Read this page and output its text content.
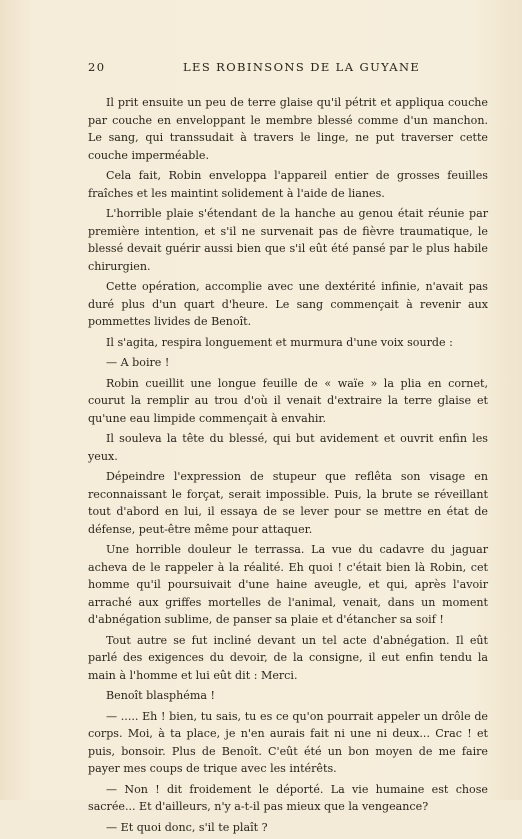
20	LES ROBINSONS DE LA GUYANE

Il prit ensuite un peu de terre glaise qu'il pétrit et appliqua couche par couche en enveloppant le membre blessé comme d'un manchon. Le sang, qui transsudait à travers le linge, ne put traverser cette couche imperméable.

Cela fait, Robin enveloppa l'appareil entier de grosses feuilles fraîches et les maintint solidement à l'aide de lianes.

L'horrible plaie s'étendant de la hanche au genou était réunie par première intention, et s'il ne survenait pas de fièvre traumatique, le blessé devait guérir aussi bien que s'il eût été pansé par le plus habile chirurgien.

Cette opération, accomplie avec une dextérité infinie, n'avait pas duré plus d'un quart d'heure. Le sang commençait à revenir aux pommettes livides de Benoît.

Il s'agita, respira longuement et murmura d'une voix sourde :

— A boire !

Robin cueillit une longue feuille de « waïe » la plia en cornet, courut la remplir au trou d'où il venait d'extraire la terre glaise et qu'une eau limpide commençait à envahir.

Il souleva la tête du blessé, qui but avidement et ouvrit enfin les yeux.

Dépeindre l'expression de stupeur que reflêta son visage en reconnaissant le forçat, serait impossible. Puis, la brute se réveillant tout d'abord en lui, il essaya de se lever pour se mettre en état de défense, peut-être même pour attaquer.

Une horrible douleur le terrassa. La vue du cadavre du jaguar acheva de le rappeler à la réalité. Eh quoi ! c'était bien là Robin, cet homme qu'il poursuivait d'une haine aveugle, et qui, après l'avoir arraché aux griffes mortelles de l'animal, venait, dans un moment d'abnégation sublime, de panser sa plaie et d'étancher sa soif !

Tout autre se fut incliné devant un tel acte d'abnégation. Il eût parlé des exigences du devoir, de la consigne, il eut enfin tendu la main à l'homme et lui eût dit : Merci.

Benoît blasphéma !

— ..... Eh ! bien, tu sais, tu es ce qu'on pourrait appeler un drôle de corps. Moi, à ta place, je n'en aurais fait ni une ni deux... Crac ! et puis, bonsoir. Plus de Benoît. C'eût été un bon moyen de me faire payer mes coups de trique avec les intérêts.

— Non ! dit froidement le déporté. La vie humaine est chose sacrée... Et d'ailleurs, n'y a-t-il pas mieux que la vengeance?

— Et quoi donc, s'il te plaît ?
